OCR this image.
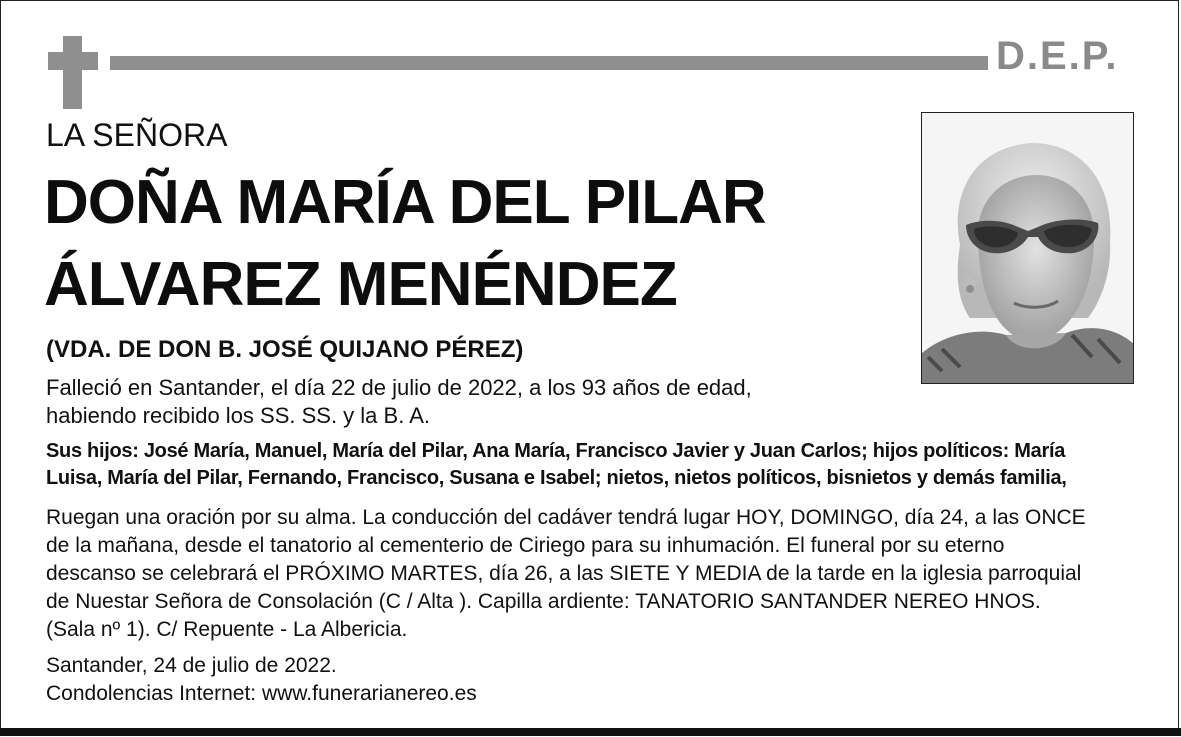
D.E.P.
LA SEÑORA
DOÑA MARÍA DEL PILAR
ÁLVAREZ MENÉNDEZ
(VDA. DE DON B. JOSÉ QUIJANO PÉREZ)
Falleció en Santander, el día 22 de julio de 2022, a los 93 años de edad,
habiendo recibido los SS. SS. y la B. A.
Sus hijos: José María, Manuel, María del Pilar, Ana María, Francisco Javier y Juan Carlos; hijos políticos: María
Luisa, María del Pilar, Fernando, Francisco, Susana e Isabel; nietos, nietos políticos, bisnietos y demás familia,
Ruegan una oración por su alma. La conducción del cadáver tendrá lugar HOY, DOMINGO, día 24, a las ONCE
de la mañana, desde el tanatorio al cementerio de Ciriego para su inhumación. El funeral por su eterno
descanso se celebrará el PRÓXIMO MARTES, día 26, a las SIETE Y MEDIA de la tarde en la iglesia parroquial
de Nuestar Señora de Consolación (C / Alta ). Capilla ardiente: TANATORIO SANTANDER NEREO HNOS.
(Sala nº 1). C/ Repuente - La Albericia.
Santander, 24 de julio de 2022.
Condolencias Internet: www.funerarianereo.es
